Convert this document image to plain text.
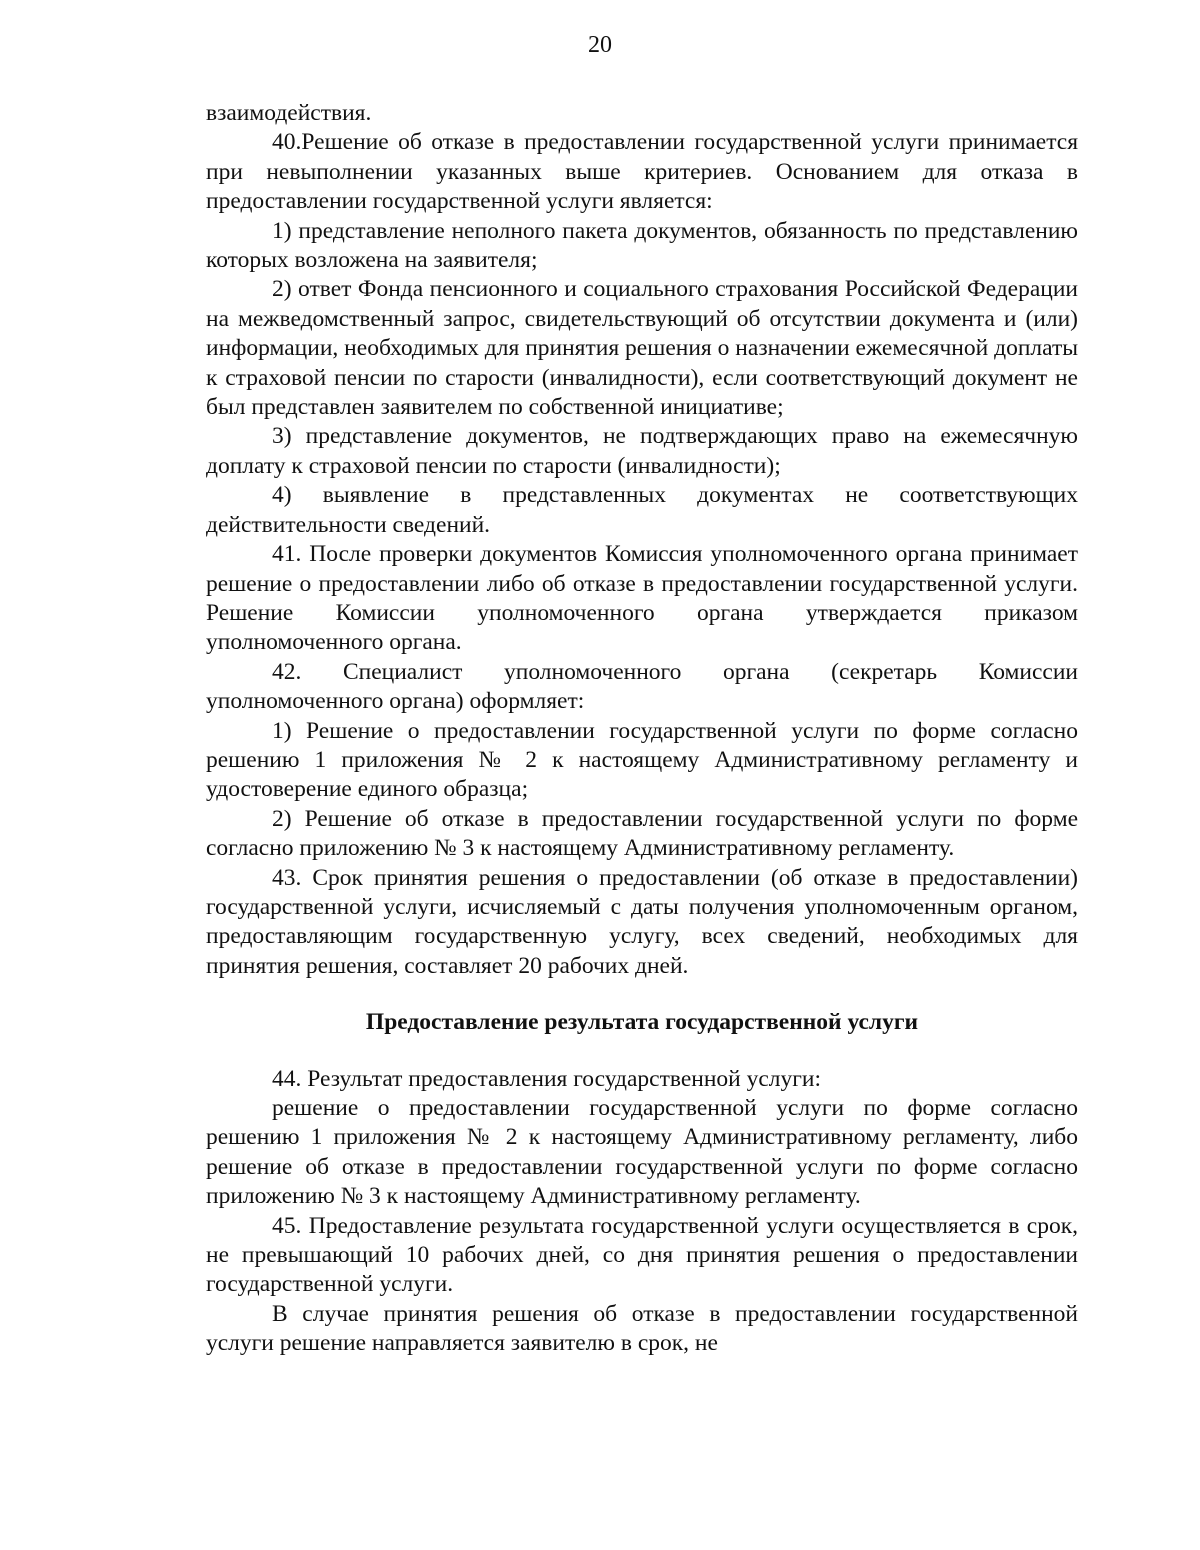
20

взаимодействия.

40.Решение об отказе в предоставлении государственной услуги принимается при невыполнении указанных выше критериев. Основанием для отказа в предоставлении государственной услуги является:

1) представление неполного пакета документов, обязанность по представлению которых возложена на заявителя;

2) ответ Фонда пенсионного и социального страхования Российской Федерации на межведомственный запрос, свидетельствующий об отсутствии документа и (или) информации, необходимых для принятия решения о назначении ежемесячной доплаты к страховой пенсии по старости (инвалидности), если соответствующий документ не был представлен заявителем по собственной инициативе;

3) представление документов, не подтверждающих право на ежемесячную доплату к страховой пенсии по старости (инвалидности);

4) выявление в представленных документах не соответствующих действительности сведений.

41. После проверки документов Комиссия уполномоченного органа принимает решение о предоставлении либо об отказе в предоставлении государственной услуги. Решение Комиссии уполномоченного органа утверждается приказом уполномоченного органа.

42. Специалист уполномоченного органа (секретарь Комиссии уполномоченного органа) оформляет:

1) Решение о предоставлении государственной услуги по форме согласно решению 1 приложения № 2 к настоящему Административному регламенту и удостоверение единого образца;

2) Решение об отказе в предоставлении государственной услуги по форме согласно приложению № 3 к настоящему Административному регламенту.

43. Срок принятия решения о предоставлении (об отказе в предоставлении) государственной услуги, исчисляемый с даты получения уполномоченным органом, предоставляющим государственную услугу, всех сведений, необходимых для принятия решения, составляет 20 рабочих дней.

Предоставление результата государственной услуги

44. Результат предоставления государственной услуги:

решение о предоставлении государственной услуги по форме согласно решению 1 приложения № 2 к настоящему Административному регламенту, либо решение об отказе в предоставлении государственной услуги по форме согласно приложению № 3 к настоящему Административному регламенту.

45. Предоставление результата государственной услуги осуществляется в срок, не превышающий 10 рабочих дней, со дня принятия решения о предоставлении государственной услуги.

В случае принятия решения об отказе в предоставлении государственной услуги решение направляется заявителю в срок, не
